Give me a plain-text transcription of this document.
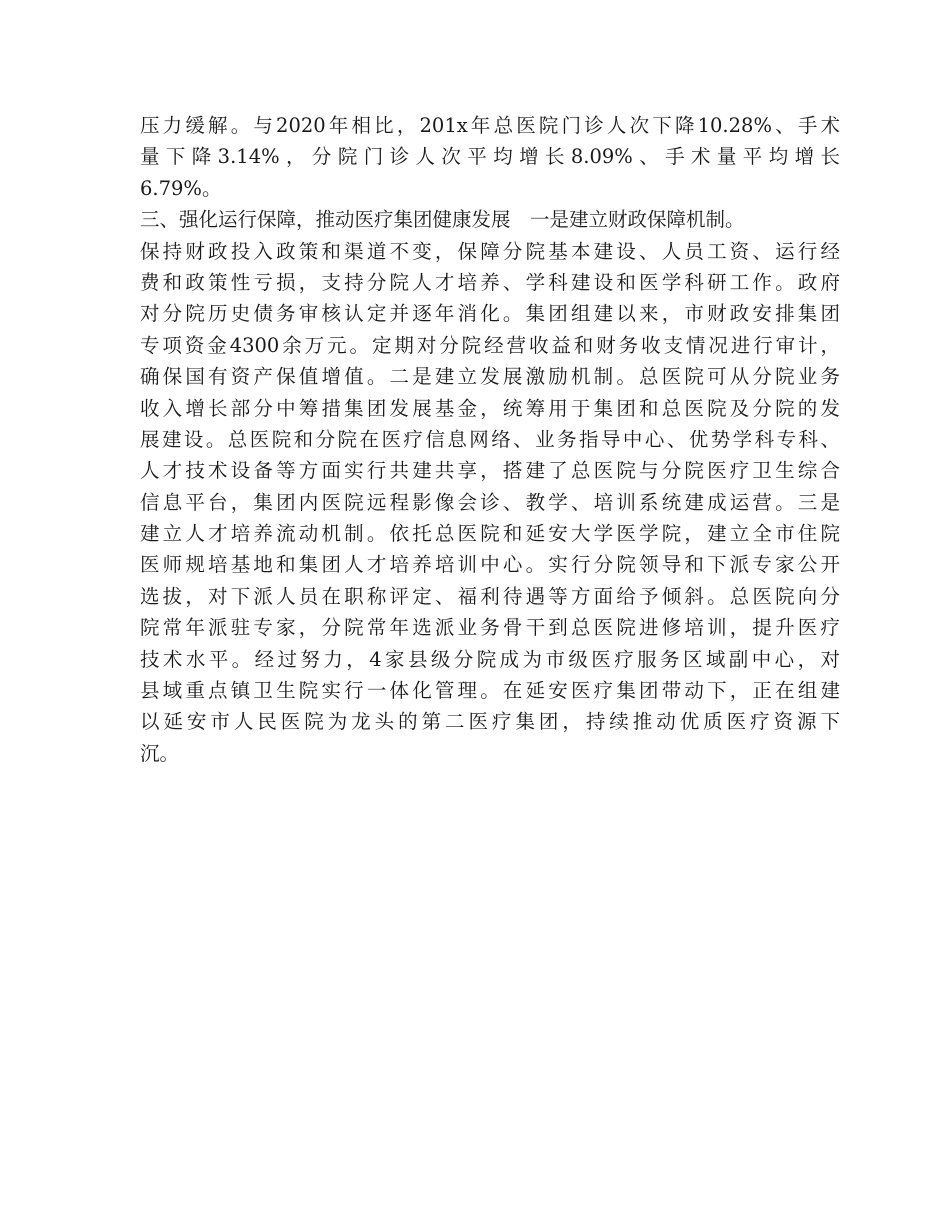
压力缓解。与2020年相比，201x年总医院门诊人次下降10.28%、手术
量下降3.14%，分院门诊人次平均增长8.09%、手术量平均增长
6.79%。
三、强化运行保障，推动医疗集团健康发展　一是建立财政保障机制。
保持财政投入政策和渠道不变，保障分院基本建设、人员工资、运行经
费和政策性亏损，支持分院人才培养、学科建设和医学科研工作。政府
对分院历史债务审核认定并逐年消化。集团组建以来，市财政安排集团
专项资金4300余万元。定期对分院经营收益和财务收支情况进行审计，
确保国有资产保值增值。二是建立发展激励机制。总医院可从分院业务
收入增长部分中筹措集团发展基金，统筹用于集团和总医院及分院的发
展建设。总医院和分院在医疗信息网络、业务指导中心、优势学科专科、
人才技术设备等方面实行共建共享，搭建了总医院与分院医疗卫生综合
信息平台，集团内医院远程影像会诊、教学、培训系统建成运营。三是
建立人才培养流动机制。依托总医院和延安大学医学院，建立全市住院
医师规培基地和集团人才培养培训中心。实行分院领导和下派专家公开
选拔，对下派人员在职称评定、福利待遇等方面给予倾斜。总医院向分
院常年派驻专家，分院常年选派业务骨干到总医院进修培训，提升医疗
技术水平。经过努力，4家县级分院成为市级医疗服务区域副中心，对
县域重点镇卫生院实行一体化管理。在延安医疗集团带动下，正在组建
以延安市人民医院为龙头的第二医疗集团，持续推动优质医疗资源下
沉。
